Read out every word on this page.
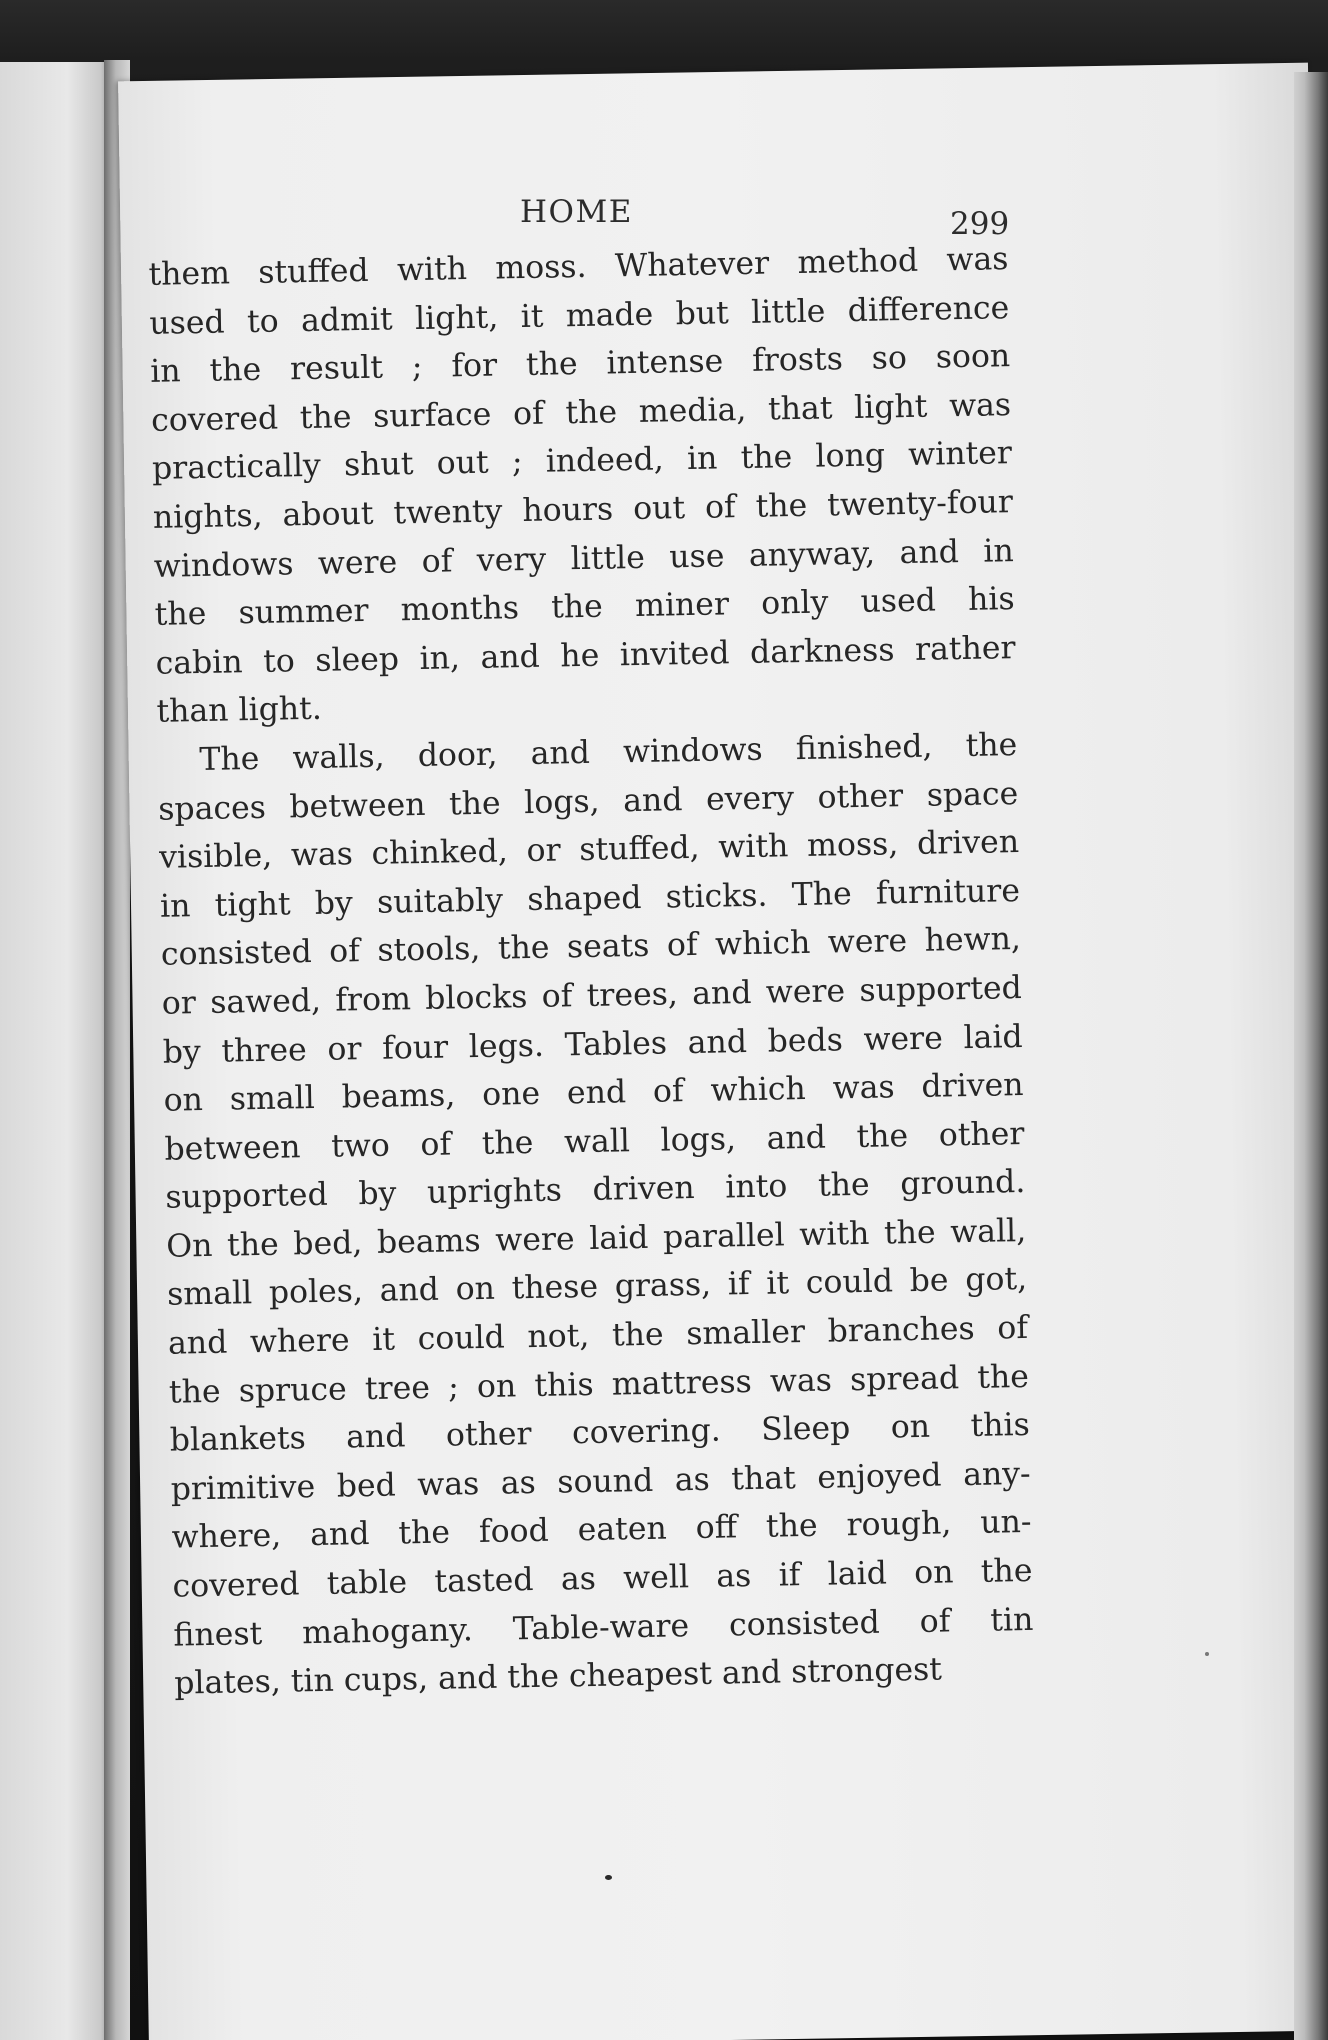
HOME	299
them stuffed with moss. Whatever method was
used to admit light, it made but little difference
in the result ; for the intense frosts so soon
covered the surface of the media, that light was
practically shut out ; indeed, in the long winter
nights, about twenty hours out of the twenty-four
windows were of very little use anyway, and in
the summer months the miner only used his
cabin to sleep in, and he invited darkness rather
than light.
The walls, door, and windows finished, the
spaces between the logs, and every other space
visible, was chinked, or stuffed, with moss, driven
in tight by suitably shaped sticks. The furniture
consisted of stools, the seats of which were hewn,
or sawed, from blocks of trees, and were supported
by three or four legs. Tables and beds were laid
on small beams, one end of which was driven
between two of the wall logs, and the other
supported by uprights driven into the ground.
On the bed, beams were laid parallel with the wall,
small poles, and on these grass, if it could be got,
and where it could not, the smaller branches of
the spruce tree ; on this mattress was spread the
blankets and other covering. Sleep on this
primitive bed was as sound as that enjoyed any-
where, and the food eaten off the rough, un-
covered table tasted as well as if laid on the
finest mahogany. Table-ware consisted of tin
plates, tin cups, and the cheapest and strongest
